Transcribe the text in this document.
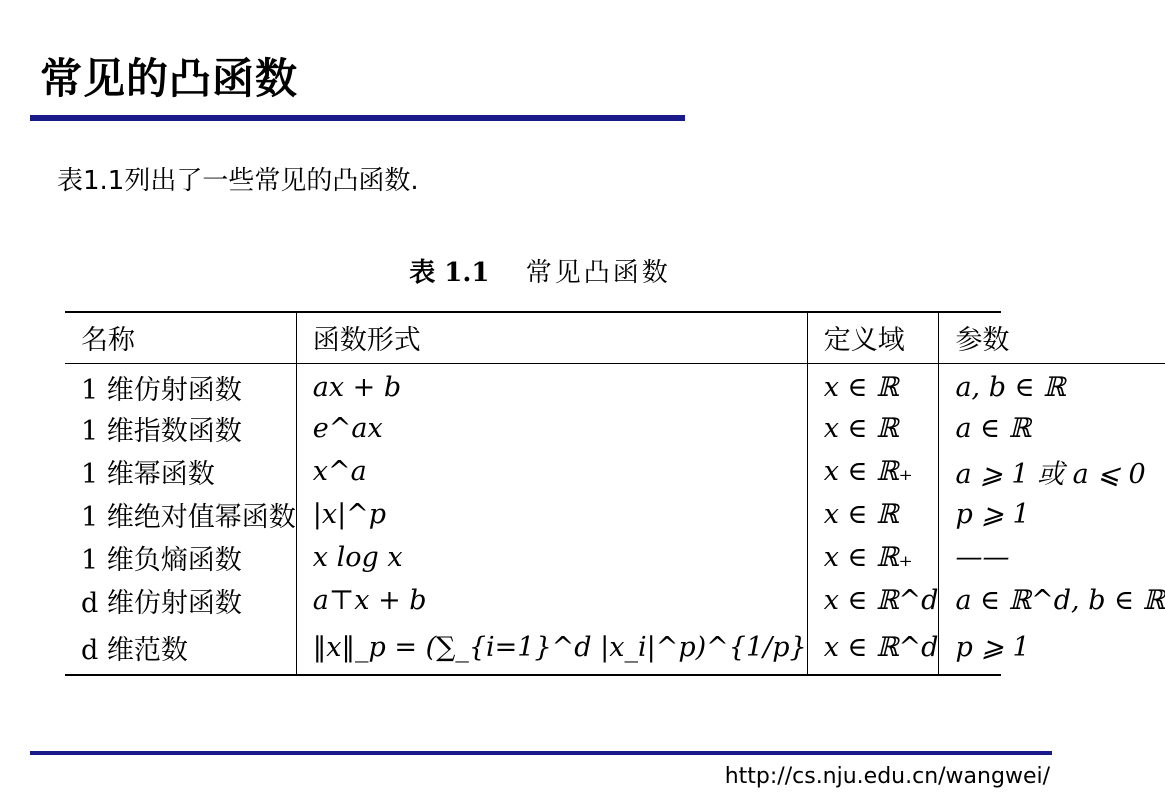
常见的凸函数
表1.1列出了一些常见的凸函数.
表 1.1 常见凸函数
名称	函数形式	定义域	参数
1 维仿射函数	ax + b	x ∈ ℝ	a, b ∈ ℝ
1 维指数函数	e^ax	x ∈ ℝ	a ∈ ℝ
1 维幂函数	x^a	x ∈ ℝ₊	a ⩾ 1 或 a ⩽ 0
1 维绝对值幂函数	|x|^p	x ∈ ℝ	p ⩾ 1
1 维负熵函数	x log x	x ∈ ℝ₊	——
d 维仿射函数	a⊤x + b	x ∈ ℝ^d	a ∈ ℝ^d, b ∈ ℝ
d 维范数	‖x‖_p = (∑_{i=1}^d |x_i|^p)^{1/p}	x ∈ ℝ^d	p ⩾ 1
http://cs.nju.edu.cn/wangwei/
